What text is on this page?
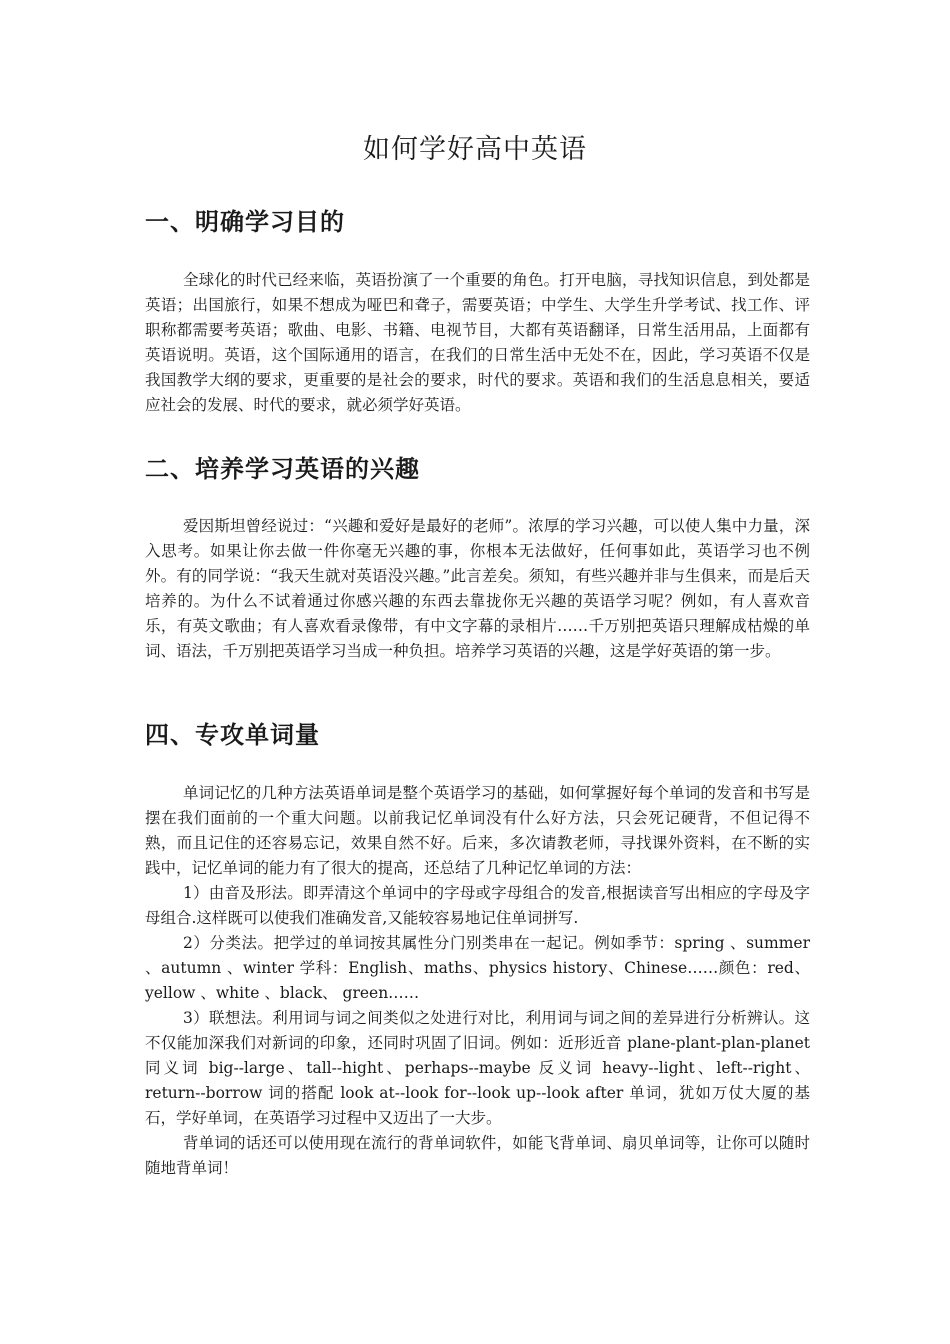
如何学好高中英语
一、明确学习目的

全球化的时代已经来临，英语扮演了一个重要的角色。打开电脑，寻找知识信息，到处都是英语；出国旅行，如果不想成为哑巴和聋子，需要英语；中学生、大学生升学考试、找工作、评职称都需要考英语；歌曲、电影、书籍、电视节目，大都有英语翻译，日常生活用品，上面都有英语说明。英语，这个国际通用的语言，在我们的日常生活中无处不在，因此，学习英语不仅是我国教学大纲的要求，更重要的是社会的要求，时代的要求。英语和我们的生活息息相关，要适应社会的发展、时代的要求，就必须学好英语。

二、培养学习英语的兴趣

爱因斯坦曾经说过：“兴趣和爱好是最好的老师”。浓厚的学习兴趣，可以使人集中力量，深入思考。如果让你去做一件你毫无兴趣的事，你根本无法做好，任何事如此，英语学习也不例外。有的同学说：“我天生就对英语没兴趣。”此言差矣。须知，有些兴趣并非与生俱来，而是后天培养的。为什么不试着通过你感兴趣的东西去靠拢你无兴趣的英语学习呢？例如，有人喜欢音乐，有英文歌曲；有人喜欢看录像带，有中文字幕的录相片……千万别把英语只理解成枯燥的单词、语法，千万别把英语学习当成一种负担。培养学习英语的兴趣，这是学好英语的第一步。

四、专攻单词量

单词记忆的几种方法英语单词是整个英语学习的基础，如何掌握好每个单词的发音和书写是摆在我们面前的一个重大问题。以前我记忆单词没有什么好方法，只会死记硬背，不但记得不熟，而且记住的还容易忘记，效果自然不好。后来，多次请教老师，寻找课外资料，在不断的实践中，记忆单词的能力有了很大的提高，还总结了几种记忆单词的方法：

1）由音及形法。即弄清这个单词中的字母或字母组合的发音,根据读音写出相应的字母及字母组合.这样既可以使我们准确发音,又能较容易地记住单词拼写.

2）分类法。把学过的单词按其属性分门别类串在一起记。例如季节：spring 、summer 、autumn 、winter 学科：English、maths、physics history、Chinese……颜色：red、yellow 、white 、black、 green……

3）联想法。利用词与词之间类似之处进行对比，利用词与词之间的差异进行分析辨认。这不仅能加深我们对新词的印象，还同时巩固了旧词。例如：近形近音 plane-plant-plan-planet 同义词 big--large、tall--hight、perhaps--maybe 反义词 heavy--light、left--right、return--borrow 词的搭配 look at--look for--look up--look after 单词，犹如万仗大厦的基石，学好单词，在英语学习过程中又迈出了一大步。

背单词的话还可以使用现在流行的背单词软件，如能飞背单词、扇贝单词等，让你可以随时随地背单词！
